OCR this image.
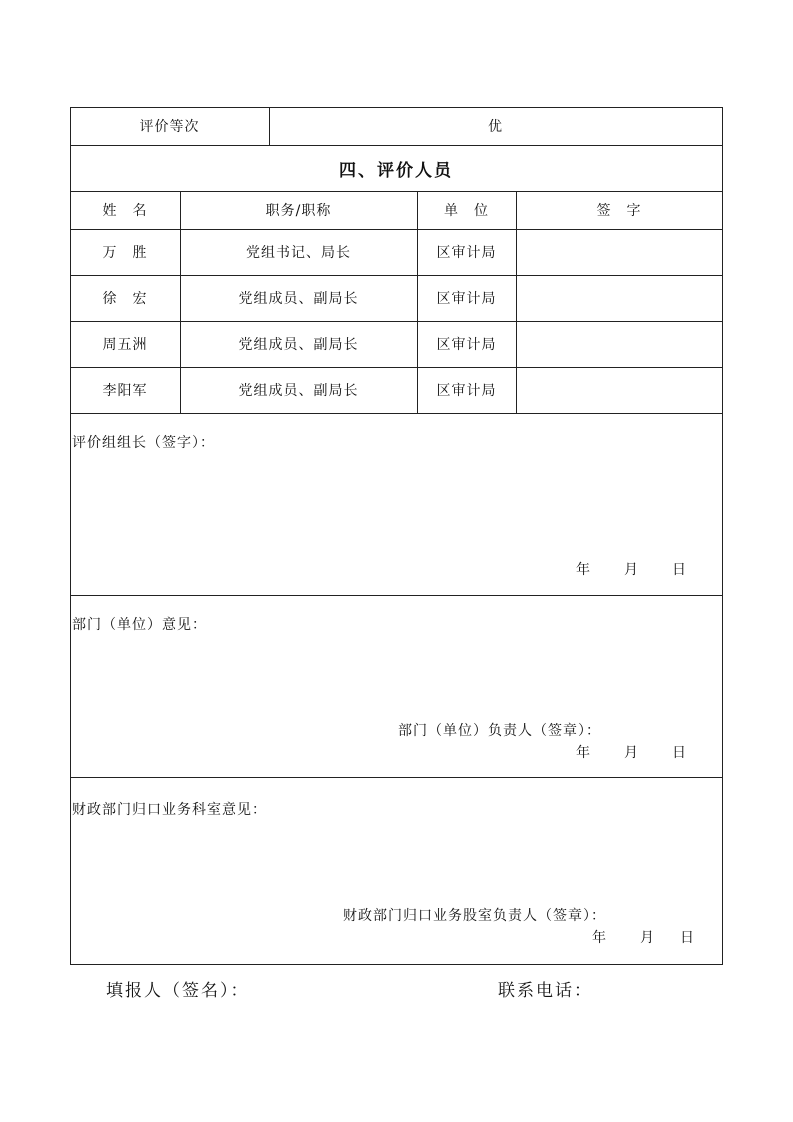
评价等次	优
四、评价人员
姓　名	职务/职称	单　位	签　字
万　胜	党组书记、局长	区审计局
徐　宏	党组成员、副局长	区审计局
周五洲	党组成员、副局长	区审计局
李阳军	党组成员、副局长	区审计局
评价组组长（签字）：
年 月 日
部门（单位）意见：
部门（单位）负责人（签章）：
年 月 日
财政部门归口业务科室意见：
财政部门归口业务股室负责人（签章）：
年 月 日
填报人（签名）：	联系电话：
